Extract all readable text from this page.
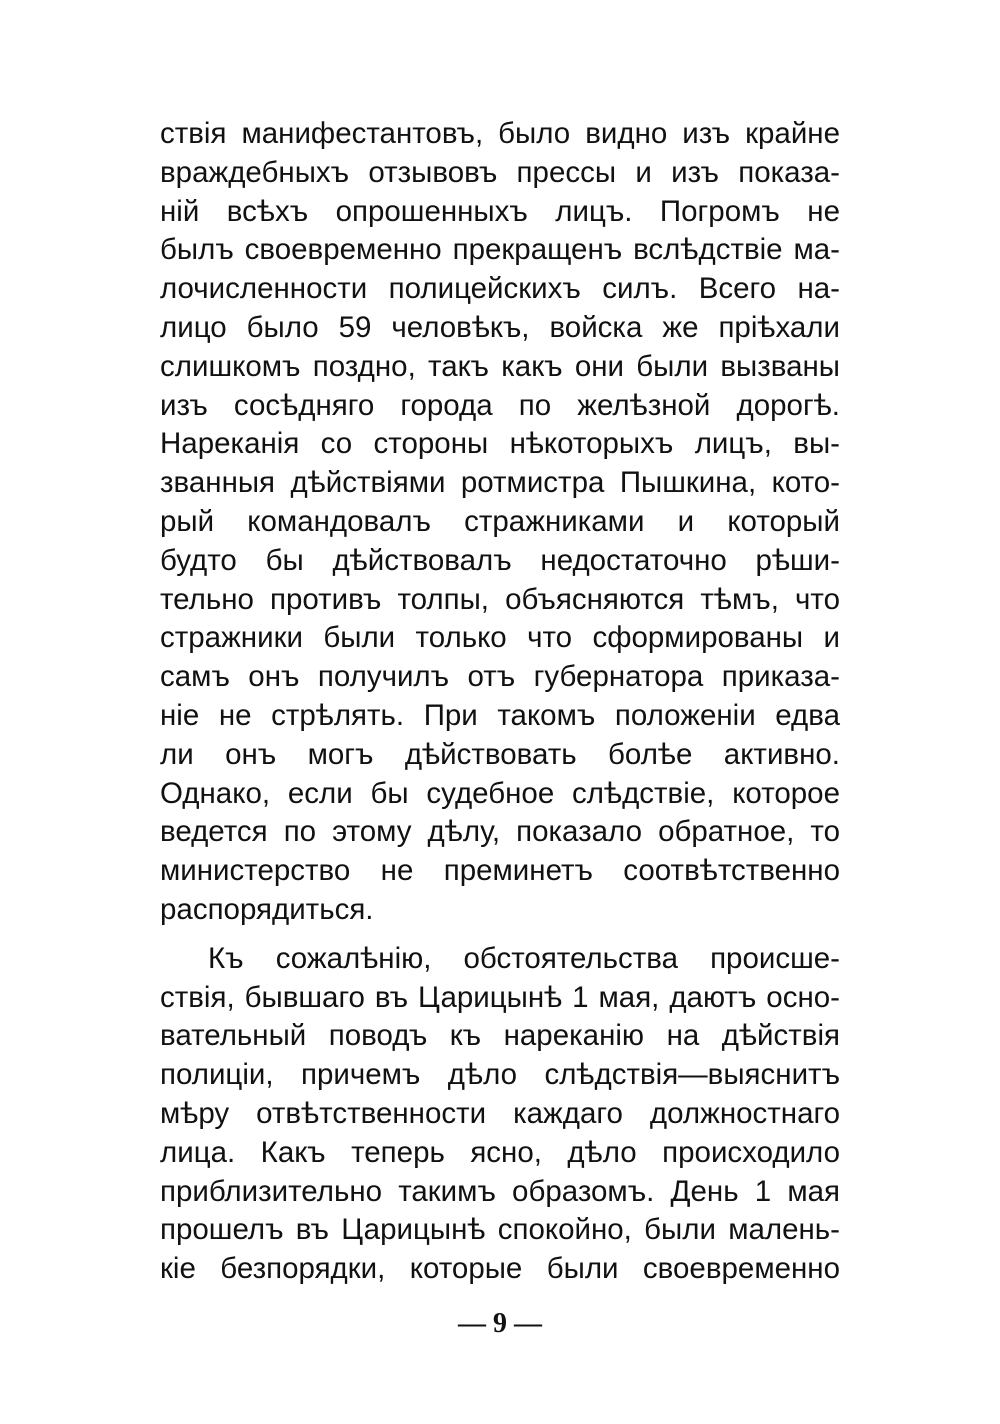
ствія манифестантовъ, было видно изъ крайне
враждебныхъ отзывовъ прессы и изъ показа-
ній всѣхъ опрошенныхъ лицъ. Погромъ не
былъ своевременно прекращенъ вслѣдствіе ма-
лочисленности полицейскихъ силъ. Всего на-
лицо было 59 человѣкъ, войска же пріѣхали
слишкомъ поздно, такъ какъ они были вызваны
изъ сосѣдняго города по желѣзной дорогѣ.
Нареканія со стороны нѣкоторыхъ лицъ, вы-
званныя дѣйствіями ротмистра Пышкина, кото-
рый командовалъ стражниками и который
будто бы дѣйствовалъ недостаточно рѣши-
тельно противъ толпы, объясняются тѣмъ, что
стражники были только что сформированы и
самъ онъ получилъ отъ губернатора приказа-
ніе не стрѣлять. При такомъ положеніи едва
ли онъ могъ дѣйствовать болѣе активно.
Однако, если бы судебное слѣдствіе, которое
ведется по этому дѣлу, показало обратное, то
министерство не преминетъ соотвѣтственно
распорядиться.
Къ сожалѣнію, обстоятельства происше-
ствія, бывшаго въ Царицынѣ 1 мая, даютъ осно-
вательный поводъ къ нареканію на дѣйствія
полиціи, причемъ дѣло слѣдствія—выяснитъ
мѣру отвѣтственности каждаго должностнаго
лица. Какъ теперь ясно, дѣло происходило
приблизительно такимъ образомъ. День 1 мая
прошелъ въ Царицынѣ спокойно, были малень-
кіе безпорядки, которые были своевременно
— 9 —
